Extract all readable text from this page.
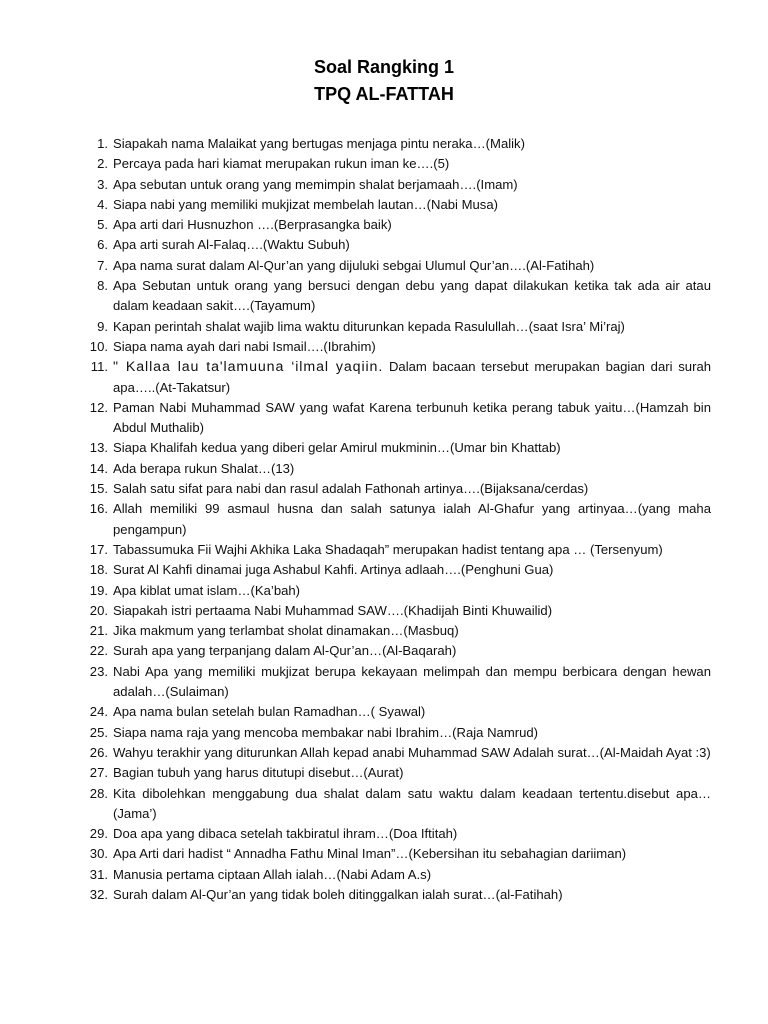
Soal Rangking 1
TPQ AL-FATTAH
1. Siapakah nama Malaikat yang bertugas menjaga pintu neraka…(Malik)
2. Percaya pada hari kiamat merupakan rukun iman ke….(5)
3. Apa sebutan untuk orang yang memimpin shalat berjamaah….(Imam)
4. Siapa nabi yang memiliki mukjizat membelah lautan…(Nabi Musa)
5. Apa arti dari Husnuzhon ….(Berprasangka baik)
6. Apa arti surah Al-Falaq….(Waktu Subuh)
7. Apa nama surat dalam Al-Qur’an yang dijuluki sebgai Ulumul Qur’an….(Al-Fatihah)
8. Apa Sebutan untuk orang yang bersuci dengan debu yang dapat dilakukan ketika tak ada air atau dalam keadaan sakit….(Tayamum)
9. Kapan perintah shalat wajib lima waktu diturunkan kepada Rasulullah…(saat Isra’ Mi’raj)
10. Siapa nama ayah dari nabi Ismail….(Ibrahim)
11. " Kallaa lau ta'lamuuna ‘ilmal yaqiin. Dalam bacaan tersebut merupakan bagian dari surah apa…..(At-Takatsur)
12. Paman Nabi Muhammad SAW yang wafat Karena terbunuh ketika perang tabuk yaitu…(Hamzah bin Abdul Muthalib)
13. Siapa Khalifah kedua yang diberi gelar Amirul mukminin…(Umar bin Khattab)
14. Ada berapa rukun Shalat…(13)
15. Salah satu sifat para nabi dan rasul adalah Fathonah artinya….(Bijaksana/cerdas)
16. Allah memiliki 99 asmaul husna dan salah satunya ialah Al-Ghafur yang artinyaa…(yang maha pengampun)
17. Tabassumuka Fii Wajhi Akhika Laka Shadaqah” merupakan hadist tentang apa … (Tersenyum)
18. Surat Al Kahfi dinamai juga Ashabul Kahfi. Artinya adlaah….(Penghuni Gua)
19. Apa kiblat umat islam…(Ka’bah)
20. Siapakah istri pertaama Nabi Muhammad SAW….(Khadijah Binti Khuwailid)
21. Jika makmum yang terlambat sholat dinamakan…(Masbuq)
22. Surah apa yang terpanjang dalam Al-Qur’an…(Al-Baqarah)
23. Nabi Apa yang memiliki mukjizat berupa kekayaan melimpah dan mempu berbicara dengan hewan adalah…(Sulaiman)
24. Apa nama bulan setelah bulan Ramadhan…( Syawal)
25. Siapa nama raja yang mencoba membakar nabi Ibrahim…(Raja Namrud)
26. Wahyu terakhir yang diturunkan Allah kepad anabi Muhammad SAW Adalah surat…(Al-Maidah Ayat :3)
27. Bagian tubuh yang harus ditutupi disebut…(Aurat)
28. Kita dibolehkan menggabung dua shalat dalam satu waktu dalam keadaan tertentu.disebut apa…(Jama’)
29. Doa apa yang dibaca setelah takbiratul ihram…(Doa Iftitah)
30. Apa Arti dari hadist “ Annadha Fathu Minal Iman”…(Kebersihan itu sebahagian dariiman)
31. Manusia pertama ciptaan Allah ialah…(Nabi Adam A.s)
32. Surah dalam Al-Qur’an yang tidak boleh ditinggalkan ialah surat…(al-Fatihah)
